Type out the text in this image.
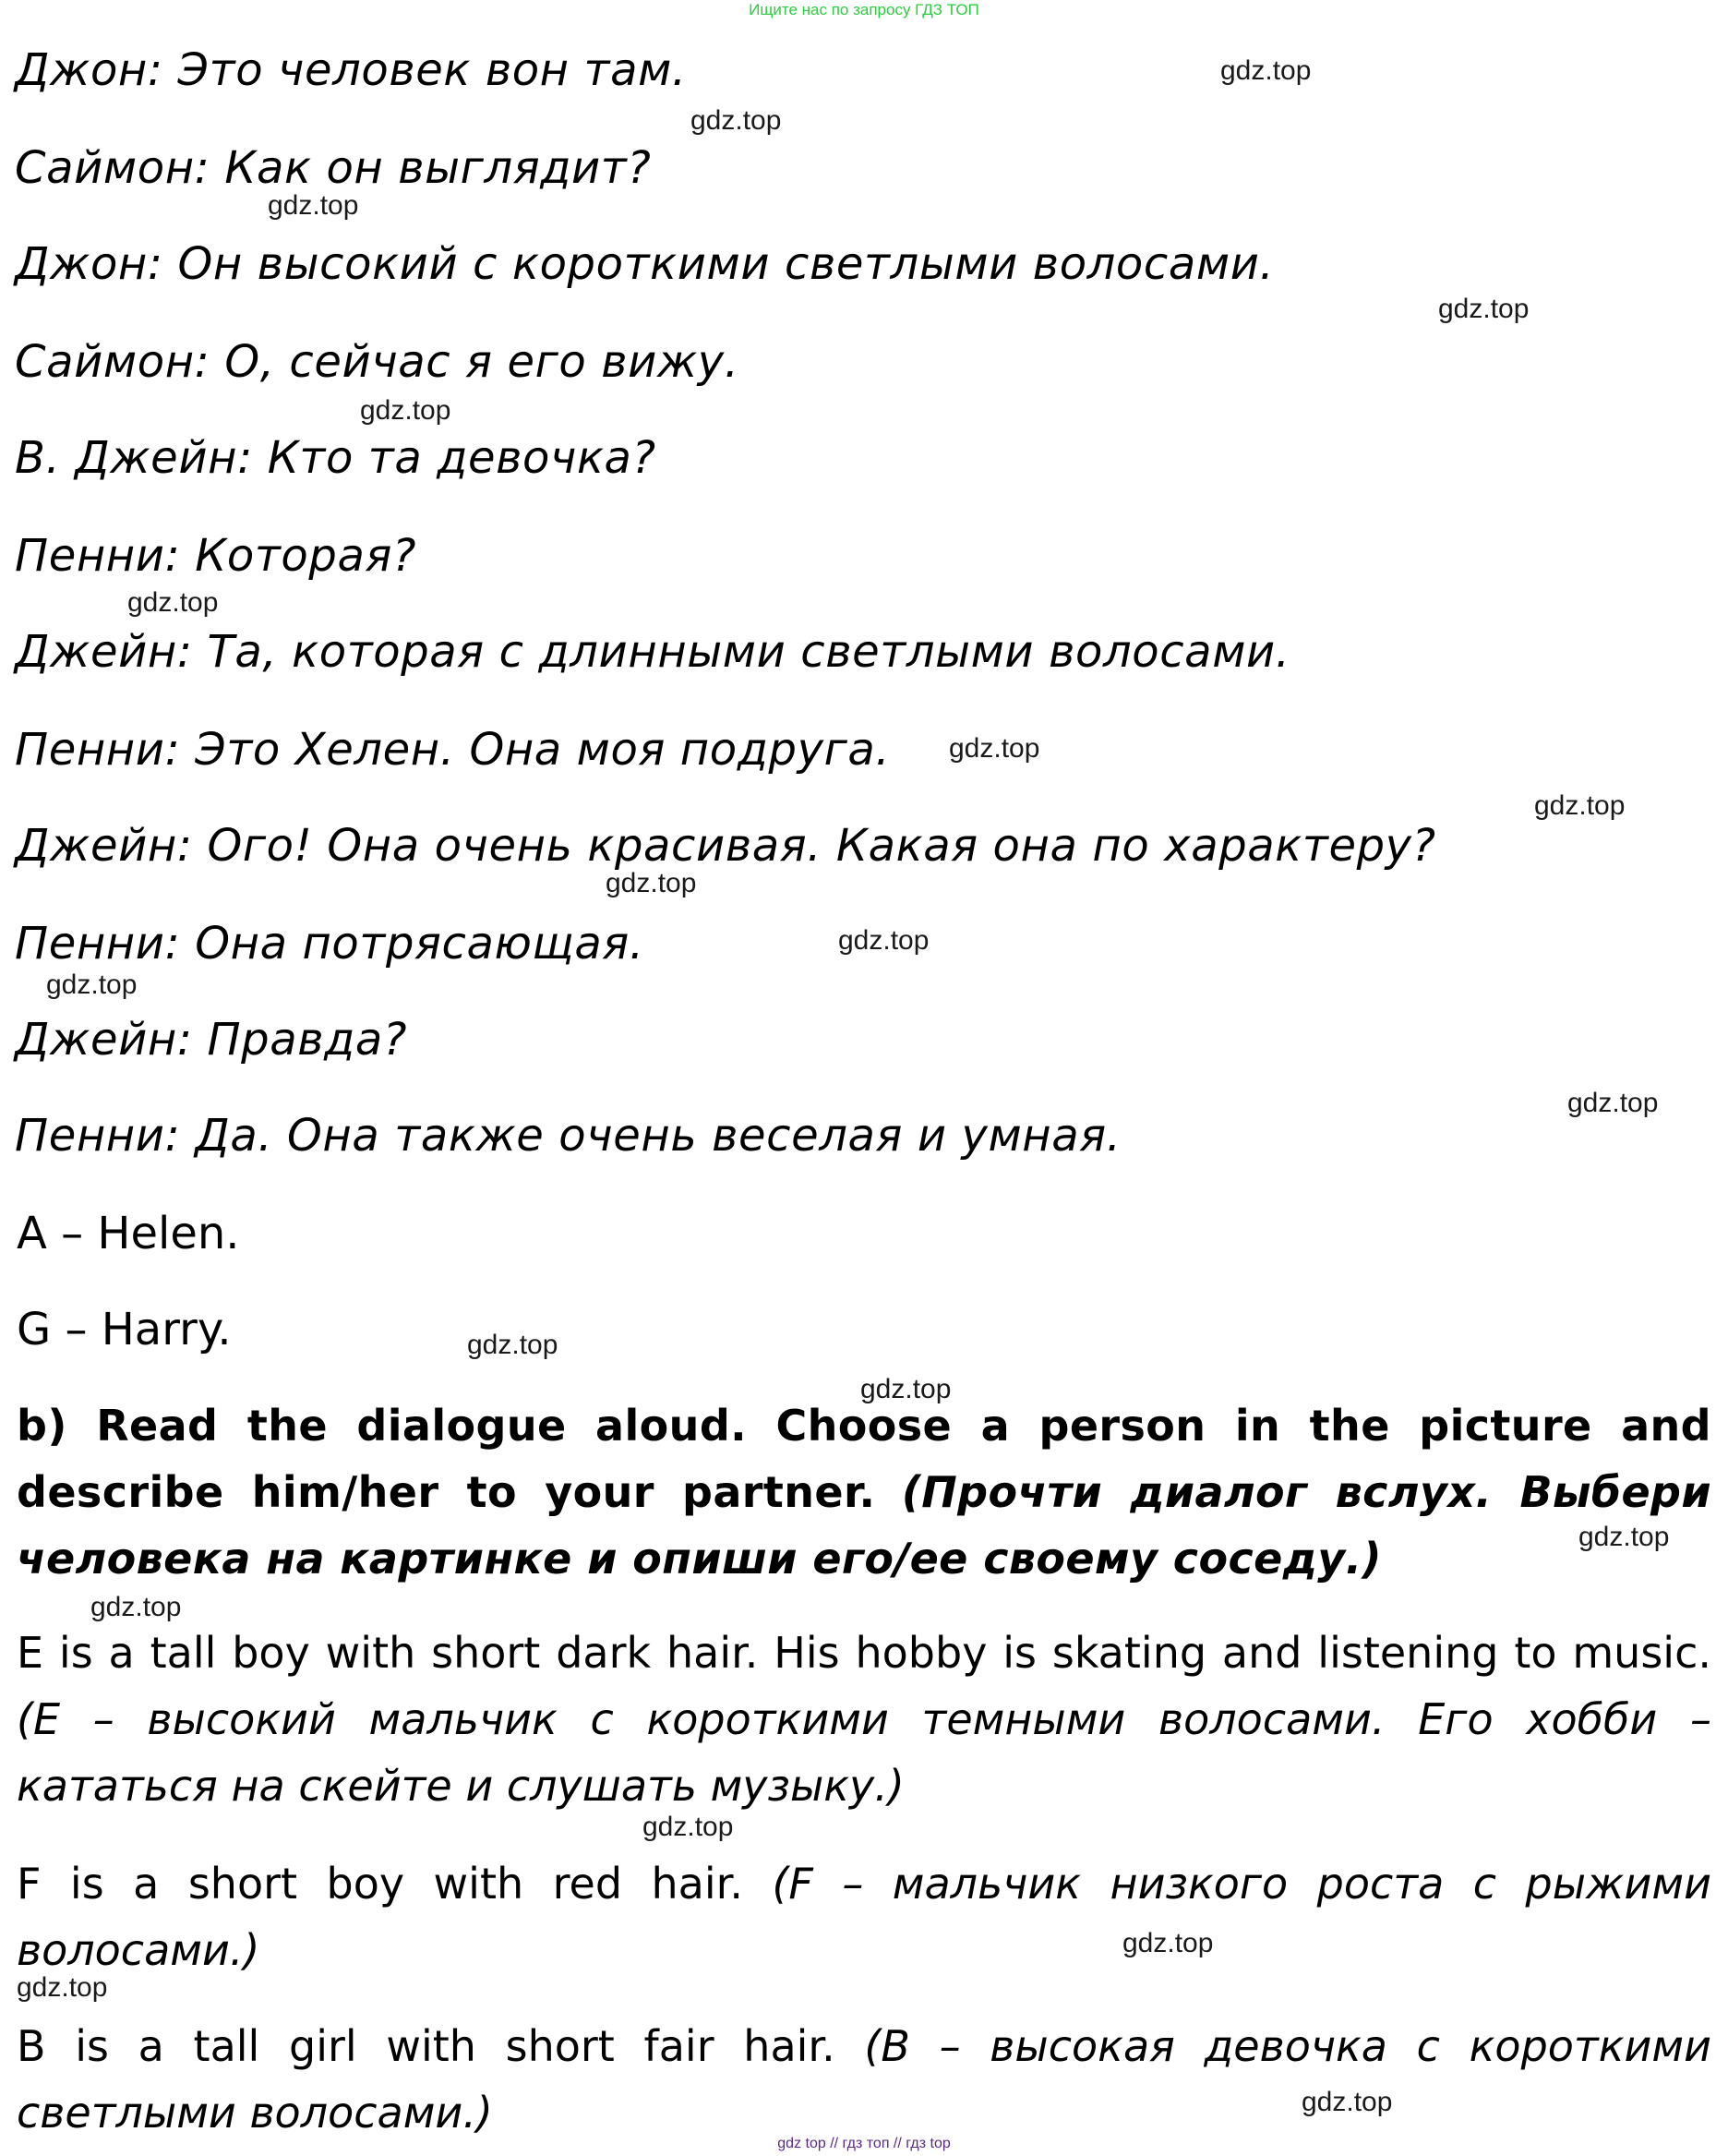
Ищите нас по запросу ГДЗ ТОП
Джон: Это человек вон там.
Саймон: Как он выглядит?
Джон: Он высокий с короткими светлыми волосами.
Саймон: О, сейчас я его вижу.
B. Джейн: Кто та девочка?
Пенни: Которая?
Джейн: Та, которая с длинными светлыми волосами.
Пенни: Это Хелен. Она моя подруга.
Джейн: Ого! Она очень красивая. Какая она по характеру?
Пенни: Она потрясающая.
Джейн: Правда?
Пенни: Да. Она также очень веселая и умная.
A – Helen.
G – Harry.
b) Read the dialogue aloud. Choose a person in the picture and describe him/her to your partner. (Прочти диалог вслух. Выбери человека на картинке и опиши его/ее своему соседу.)
E is a tall boy with short dark hair. His hobby is skating and listening to music. (E – высокий мальчик с короткими темными волосами. Его хобби – кататься на скейте и слушать музыку.)
F is a short boy with red hair. (F – мальчик низкого роста с рыжими волосами.)
B is a tall girl with short fair hair. (B – высокая девочка с короткими светлыми волосами.)
gdz.top
gdz.top
gdz.top
gdz.top
gdz.top
gdz.top
gdz.top
gdz.top
gdz.top
gdz.top
gdz.top
gdz.top
gdz.top
gdz.top
gdz.top
gdz.top
gdz.top
gdz.top
gdz.top
gdz.top
gdz top // гдз топ // гдз top
